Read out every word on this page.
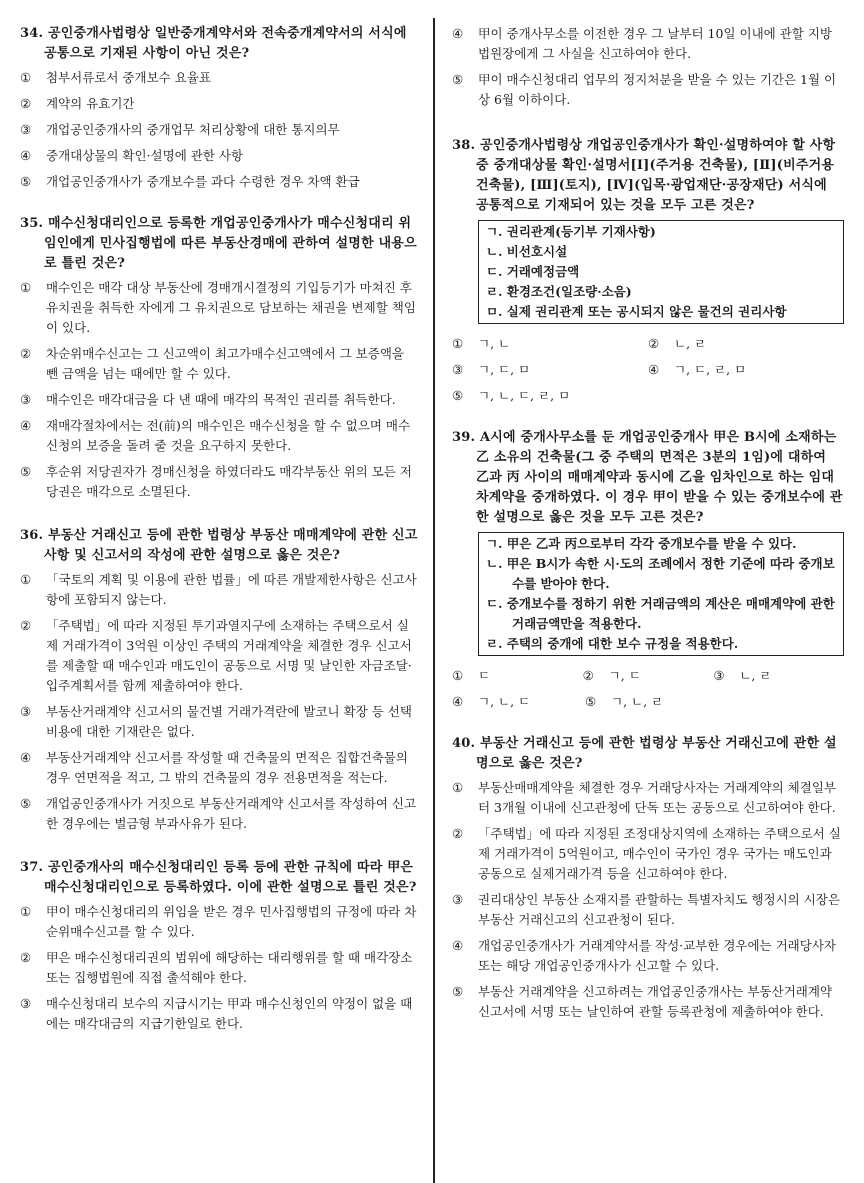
34. 공인중개사법령상 일반중개계약서와 전속중개계약서의 서식에 공통으로 기재된 사항이 아닌 것은?

①	첨부서류로서 중개보수 요율표
②	계약의 유효기간
③	개업공인중개사의 중개업무 처리상황에 대한 통지의무
④	중개대상물의 확인·설명에 관한 사항
⑤	개업공인중개사가 중개보수를 과다 수령한 경우 차액 환급

35. 매수신청대리인으로 등록한 개업공인중개사가 매수신청대리 위임인에게 민사집행법에 따른 부동산경매에 관하여 설명한 내용으로 틀린 것은?

①	매수인은 매각 대상 부동산에 경매개시결정의 기입등기가 마쳐진 후 유치권을 취득한 자에게 그 유치권으로 담보하는 채권을 변제할 책임이 있다.
②	차순위매수신고는 그 신고액이 최고가매수신고액에서 그 보증액을 뺀 금액을 넘는 때에만 할 수 있다.
③	매수인은 매각대금을 다 낸 때에 매각의 목적인 권리를 취득한다.
④	재매각절차에서는 전(前)의 매수인은 매수신청을 할 수 없으며 매수신청의 보증을 돌려 줄 것을 요구하지 못한다.
⑤	후순위 저당권자가 경매신청을 하였더라도 매각부동산 위의 모든 저당권은 매각으로 소멸된다.

36. 부동산 거래신고 등에 관한 법령상 부동산 매매계약에 관한 신고사항 및 신고서의 작성에 관한 설명으로 옳은 것은?

①	「국토의 계획 및 이용에 관한 법률」에 따른 개발제한사항은 신고사항에 포함되지 않는다.
②	「주택법」에 따라 지정된 투기과열지구에 소재하는 주택으로서 실제 거래가격이 3억원 이상인 주택의 거래계약을 체결한 경우 신고서를 제출할 때 매수인과 매도인이 공동으로 서명 및 날인한 자금조달·입주계획서를 함께 제출하여야 한다.
③	부동산거래계약 신고서의 물건별 거래가격란에 발코니 확장 등 선택비용에 대한 기재란은 없다.
④	부동산거래계약 신고서를 작성할 때 건축물의 면적은 집합건축물의 경우 연면적을 적고, 그 밖의 건축물의 경우 전용면적을 적는다.
⑤	개업공인중개사가 거짓으로 부동산거래계약 신고서를 작성하여 신고한 경우에는 벌금형 부과사유가 된다.

37. 공인중개사의 매수신청대리인 등록 등에 관한 규칙에 따라 甲은 매수신청대리인으로 등록하였다. 이에 관한 설명으로 틀린 것은?

①	甲이 매수신청대리의 위임을 받은 경우 민사집행법의 규정에 따라 차순위매수신고를 할 수 있다.
②	甲은 매수신청대리권의 범위에 해당하는 대리행위를 할 때 매각장소 또는 집행법원에 직접 출석해야 한다.
③	매수신청대리 보수의 지급시기는 甲과 매수신청인의 약정이 없을 때에는 매각대금의 지급기한일로 한다.
④	甲이 중개사무소를 이전한 경우 그 날부터 10일 이내에 관할 지방법원장에게 그 사실을 신고하여야 한다.
⑤	甲이 매수신청대리 업무의 정지처분을 받을 수 있는 기간은 1월 이상 6월 이하이다.

38. 공인중개사법령상 개업공인중개사가 확인·설명하여야 할 사항 중 중개대상물 확인·설명서[Ⅰ](주거용 건축물), [Ⅱ](비주거용 건축물), [Ⅲ](토지), [Ⅳ](입목·광업재단·공장재단) 서식에 공통적으로 기재되어 있는 것을 모두 고른 것은?

ㄱ. 권리관계(등기부 기재사항)
ㄴ. 비선호시설
ㄷ. 거래예정금액
ㄹ. 환경조건(일조량·소음)
ㅁ. 실제 권리관계 또는 공시되지 않은 물건의 권리사항
①	ㄱ, ㄴ	②	ㄴ, ㄹ
③	ㄱ, ㄷ, ㅁ	④	ㄱ, ㄷ, ㄹ, ㅁ
⑤	ㄱ, ㄴ, ㄷ, ㄹ, ㅁ

39. A시에 중개사무소를 둔 개업공인중개사 甲은 B시에 소재하는 乙 소유의 건축물(그 중 주택의 면적은 3분의 1임)에 대하여 乙과 丙 사이의 매매계약과 동시에 乙을 임차인으로 하는 임대차계약을 중개하였다. 이 경우 甲이 받을 수 있는 중개보수에 관한 설명으로 옳은 것을 모두 고른 것은?

ㄱ. 甲은 乙과 丙으로부터 각각 중개보수를 받을 수 있다.
ㄴ. 甲은 B시가 속한 시·도의 조례에서 정한 기준에 따라 중개보수를 받아야 한다.
ㄷ. 중개보수를 정하기 위한 거래금액의 계산은 매매계약에 관한 거래금액만을 적용한다.
ㄹ. 주택의 중개에 대한 보수 규정을 적용한다.
①	ㄷ	②	ㄱ, ㄷ	③	ㄴ, ㄹ
④	ㄱ, ㄴ, ㄷ	⑤	ㄱ, ㄴ, ㄹ

40. 부동산 거래신고 등에 관한 법령상 부동산 거래신고에 관한 설명으로 옳은 것은?

①	부동산매매계약을 체결한 경우 거래당사자는 거래계약의 체결일부터 3개월 이내에 신고관청에 단독 또는 공동으로 신고하여야 한다.
②	「주택법」에 따라 지정된 조정대상지역에 소재하는 주택으로서 실제 거래가격이 5억원이고, 매수인이 국가인 경우 국가는 매도인과 공동으로 실제거래가격 등을 신고하여야 한다.
③	권리대상인 부동산 소재지를 관할하는 특별자치도 행정시의 시장은 부동산 거래신고의 신고관청이 된다.
④	개업공인중개사가 거래계약서를 작성·교부한 경우에는 거래당사자 또는 해당 개업공인중개사가 신고할 수 있다.
⑤	부동산 거래계약을 신고하려는 개업공인중개사는 부동산거래계약 신고서에 서명 또는 날인하여 관할 등록관청에 제출하여야 한다.
